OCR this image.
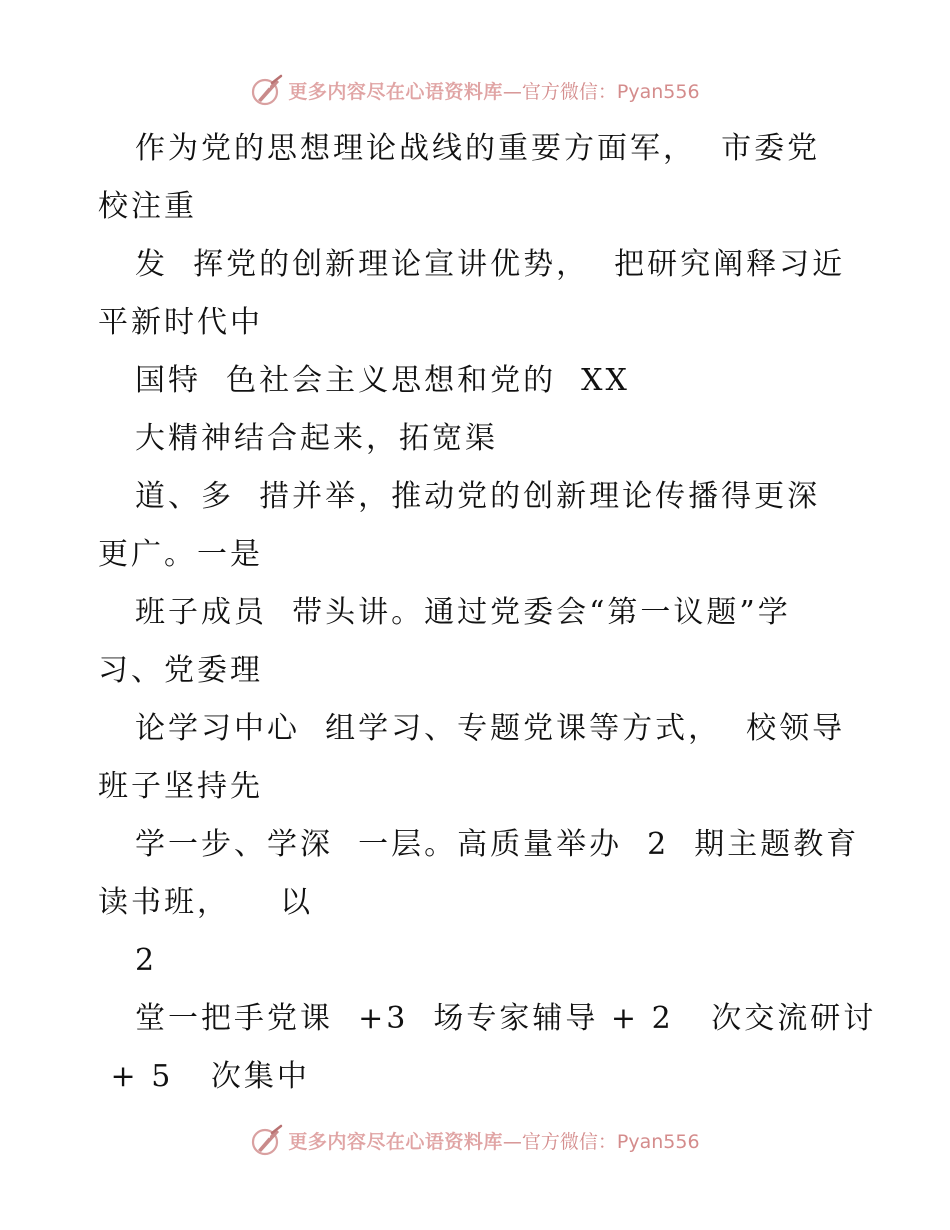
更多内容尽在心语资料库 —官方微信：Pyan556
作为党的思想理论战线的重要方面军，  市委党
校注重
发  挥党的创新理论宣讲优势，  把研究阐释习近
平新时代中
国特  色社会主义思想和党的  XX
大精神结合起来，拓宽渠
道、多  措并举，推动党的创新理论传播得更深
更广。一是
班子成员  带头讲。通过党委会“第一议题”学
习、党委理
论学习中心  组学习、专题党课等方式，  校领导
班子坚持先
学一步、学深  一层。高质量举办  2  期主题教育
读书班，    以
2
堂一把手党课  +3  场专家辅导 + 2   次交流研讨
+ 5   次集中
更多内容尽在心语资料库 —官方微信：Pyan556
